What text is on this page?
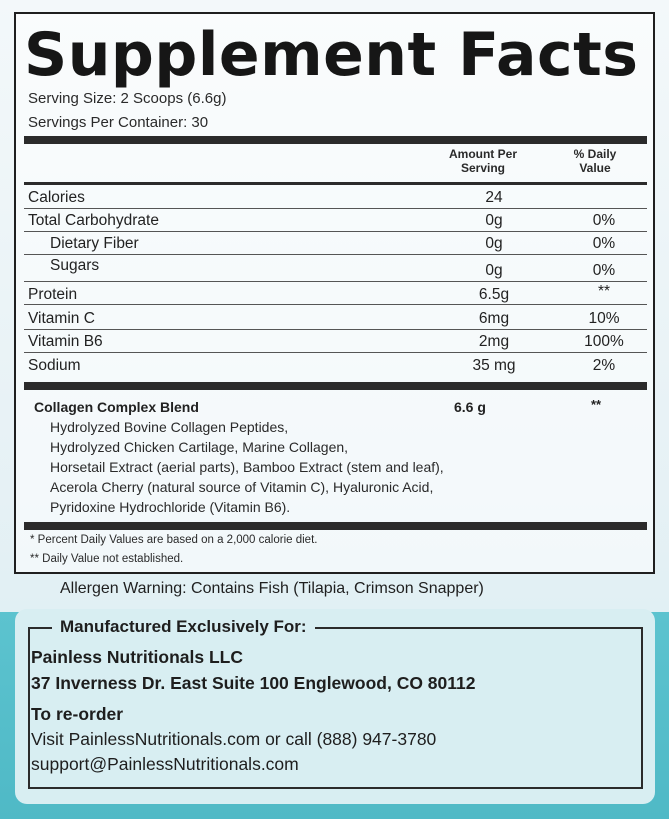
Supplement Facts
Serving Size: 2 Scoops (6.6g)
Servings Per Container: 30
Amount Per Serving
% Daily Value
Calories	24
Total Carbohydrate	0g	0%
Dietary Fiber	0g	0%
Sugars	0g	0%
Protein	6.5g	**
Vitamin C	6mg	10%
Vitamin B6	2mg	100%
Sodium	35 mg	2%
Collagen Complex Blend	6.6 g	**
Hydrolyzed Bovine Collagen Peptides,
Hydrolyzed Chicken Cartilage, Marine Collagen,
Horsetail Extract (aerial parts), Bamboo Extract (stem and leaf),
Acerola Cherry (natural source of Vitamin C), Hyaluronic Acid,
Pyridoxine Hydrochloride (Vitamin B6).
* Percent Daily Values are based on a 2,000 calorie diet.
** Daily Value not established.
Allergen Warning: Contains Fish (Tilapia, Crimson Snapper)
Manufactured Exclusively For:
Painless Nutritionals LLC
37 Inverness Dr. East Suite 100 Englewood, CO 80112
To re-order
Visit PainlessNutritionals.com or call (888) 947-3780
support@PainlessNutritionals.com
